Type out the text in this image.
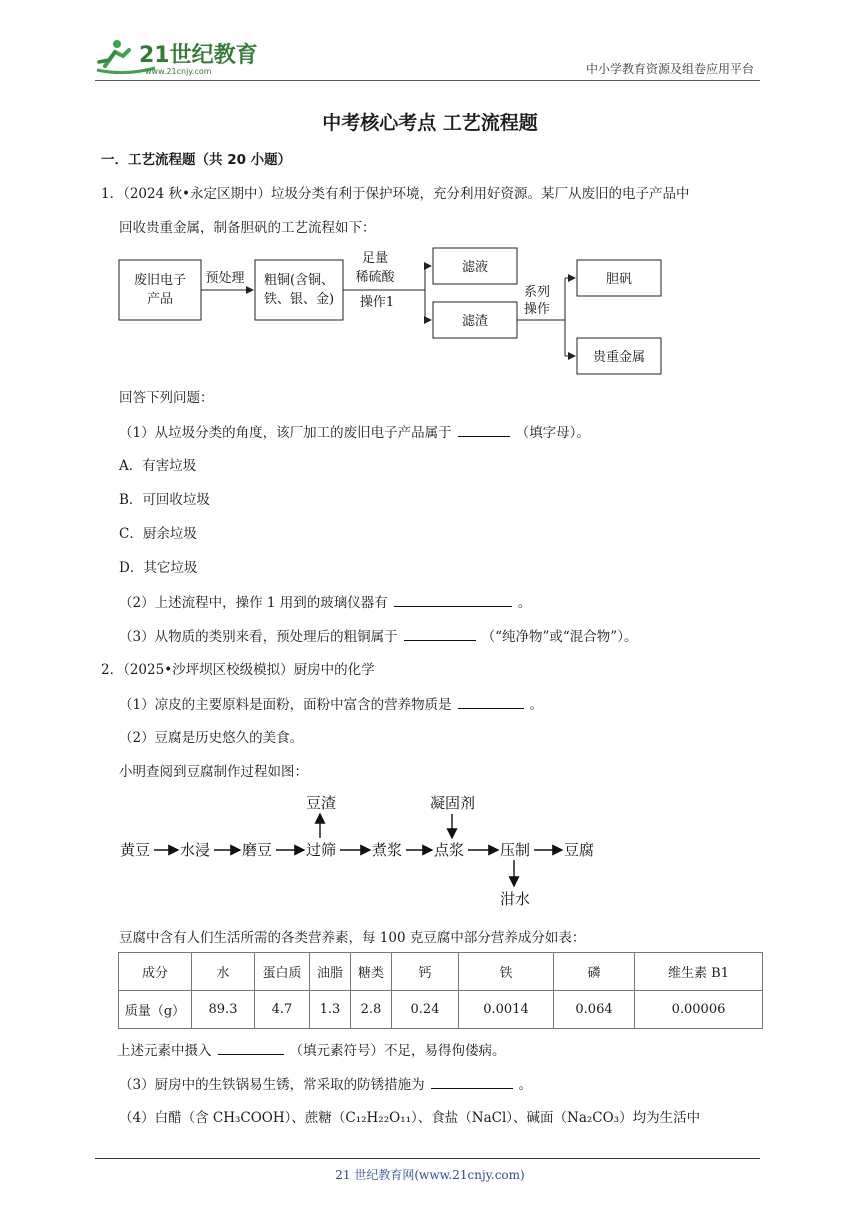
21世纪教育
www.21cnjy.com	中小学教育资源及组卷应用平台
中考核心考点 工艺流程题
一．工艺流程题（共 20 小题）
1．（2024 秋•永定区期中）垃圾分类有利于保护环境，充分利用好资源。某厂从废旧的电子产品中
回收贵重金属，制备胆矾的工艺流程如下：
废旧电子
产品
预处理 粗铜(含铜、
铁、银、金)
足量
稀硫酸
操作1
滤液
滤渣
系列
操作
胆矾
贵重金属
回答下列问题：
（1）从垃圾分类的角度，该厂加工的废旧电子产品属于	（填字母）。
A．有害垃圾
B．可回收垃圾
C．厨余垃圾
D．其它垃圾
（2）上述流程中，操作 1 用到的玻璃仪器有	。
（3）从物质的类别来看，预处理后的粗铜属于	（“纯净物”或“混合物”）。
2．（2025•沙坪坝区校级模拟）厨房中的化学
（1）凉皮的主要原料是面粉，面粉中富含的营养物质是	。
（2）豆腐是历史悠久的美食。
小明查阅到豆腐制作过程如图：
黄豆 水浸 磨豆 过筛
豆渣
煮浆 点浆
凝固剂
压制
泔水
豆腐
豆腐中含有人们生活所需的各类营养素，每 100 克豆腐中部分营养成分如表：
成分	水	蛋白质	油脂	糖类	钙	铁	磷	维生素 B1
质量（g）	89.3	4.7	1.3	2.8	0.24	0.0014	0.064	0.00006
上述元素中摄入	（填元素符号）不足，易得佝偻病。
（3）厨房中的生铁锅易生锈，常采取的防锈措施为	。
（4）白醋（含 CH₃COOH）、蔗糖（C₁₂H₂₂O₁₁）、食盐（NaCl）、碱面（Na₂CO₃）均为生活中
21 世纪教育网(www.21cnjy.com)
